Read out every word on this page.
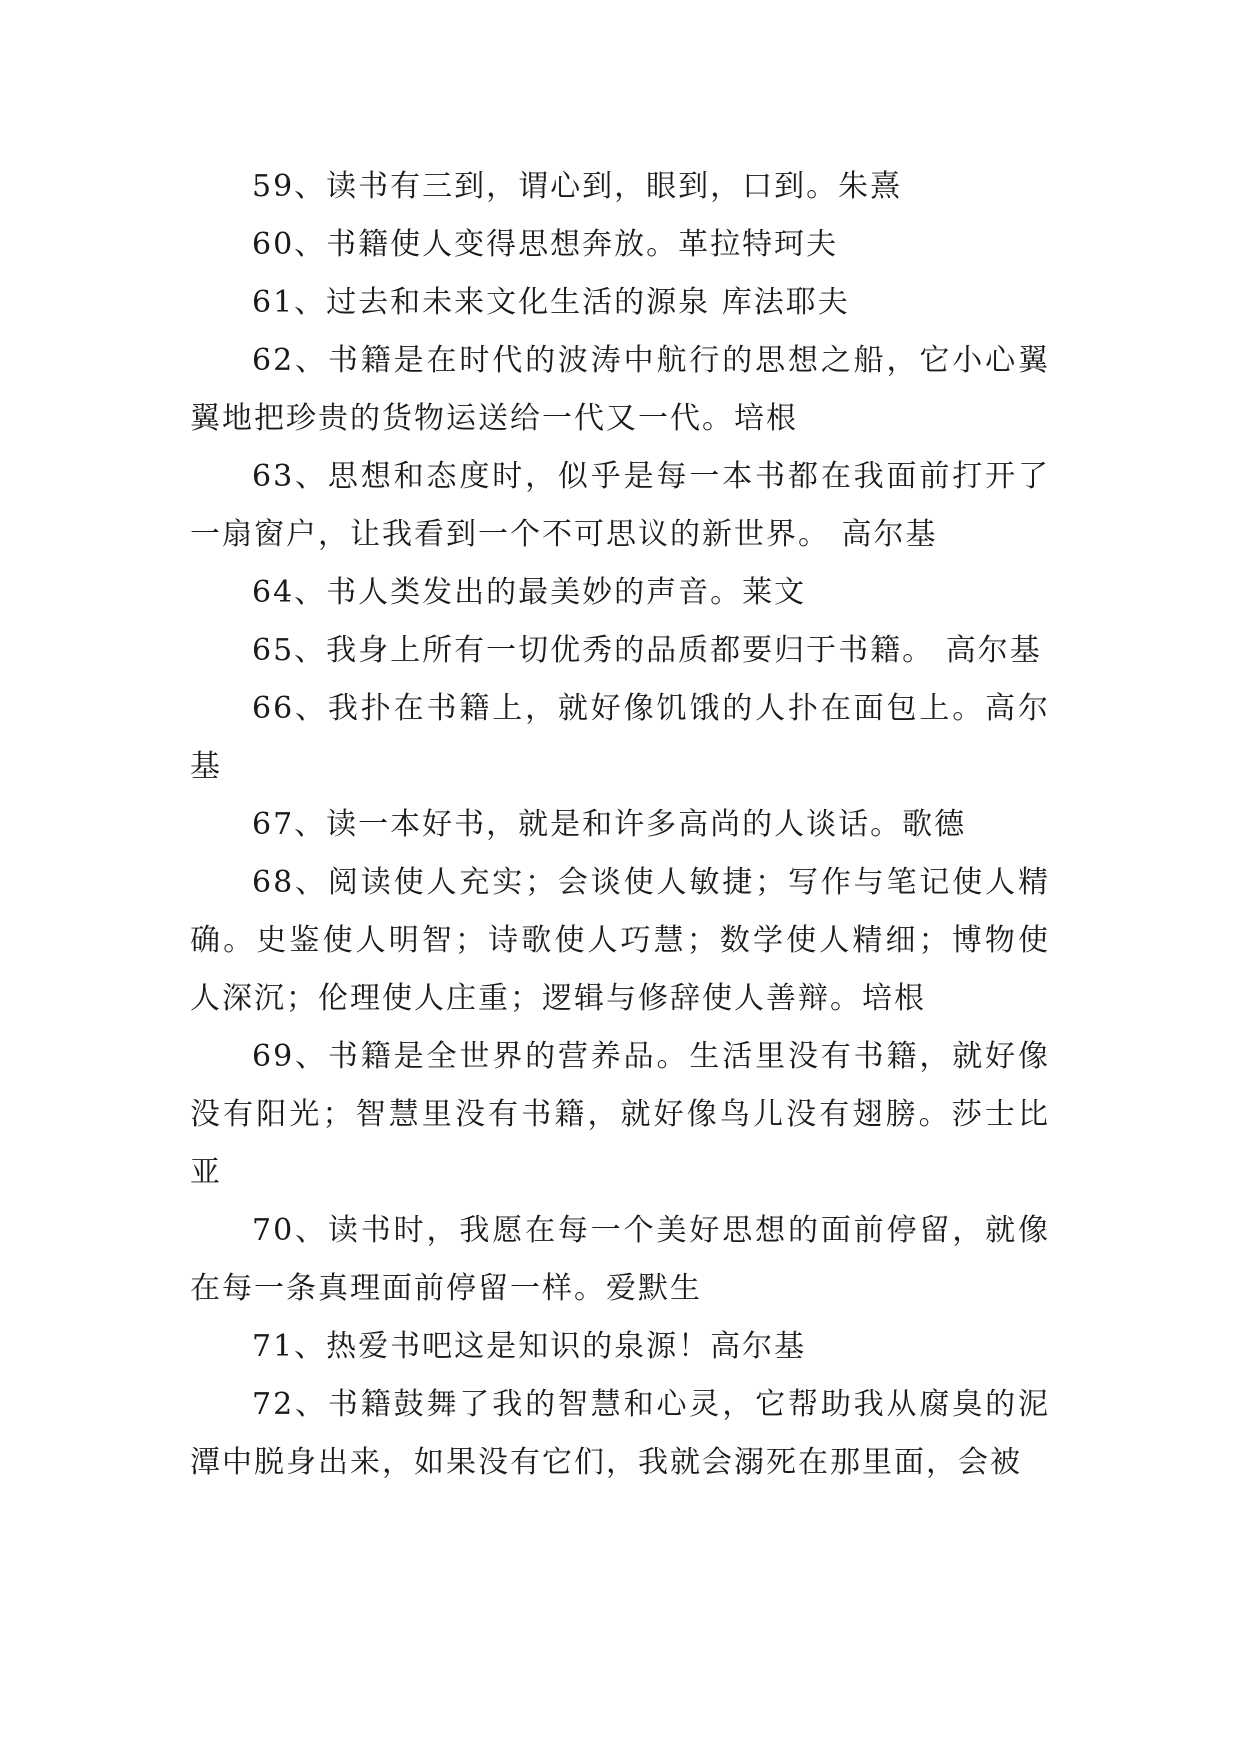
59、读书有三到，谓心到，眼到，口到。朱熹

60、书籍使人变得思想奔放。革拉特珂夫

61、过去和未来文化生活的源泉 库法耶夫

62、书籍是在时代的波涛中航行的思想之船，它小心翼翼地把珍贵的货物运送给一代又一代。培根

63、思想和态度时，似乎是每一本书都在我面前打开了一扇窗户，让我看到一个不可思议的新世界。 高尔基

64、书人类发出的最美妙的声音。莱文

65、我身上所有一切优秀的品质都要归于书籍。 高尔基

66、我扑在书籍上，就好像饥饿的人扑在面包上。高尔基

67、读一本好书，就是和许多高尚的人谈话。歌德

68、阅读使人充实；会谈使人敏捷；写作与笔记使人精确。史鉴使人明智；诗歌使人巧慧；数学使人精细；博物使人深沉；伦理使人庄重；逻辑与修辞使人善辩。培根

69、书籍是全世界的营养品。生活里没有书籍，就好像没有阳光；智慧里没有书籍，就好像鸟儿没有翅膀。莎士比亚

70、读书时，我愿在每一个美好思想的面前停留，就像在每一条真理面前停留一样。爱默生

71、热爱书吧这是知识的泉源！高尔基

72、书籍鼓舞了我的智慧和心灵，它帮助我从腐臭的泥潭中脱身出来，如果没有它们，我就会溺死在那里面，会被
